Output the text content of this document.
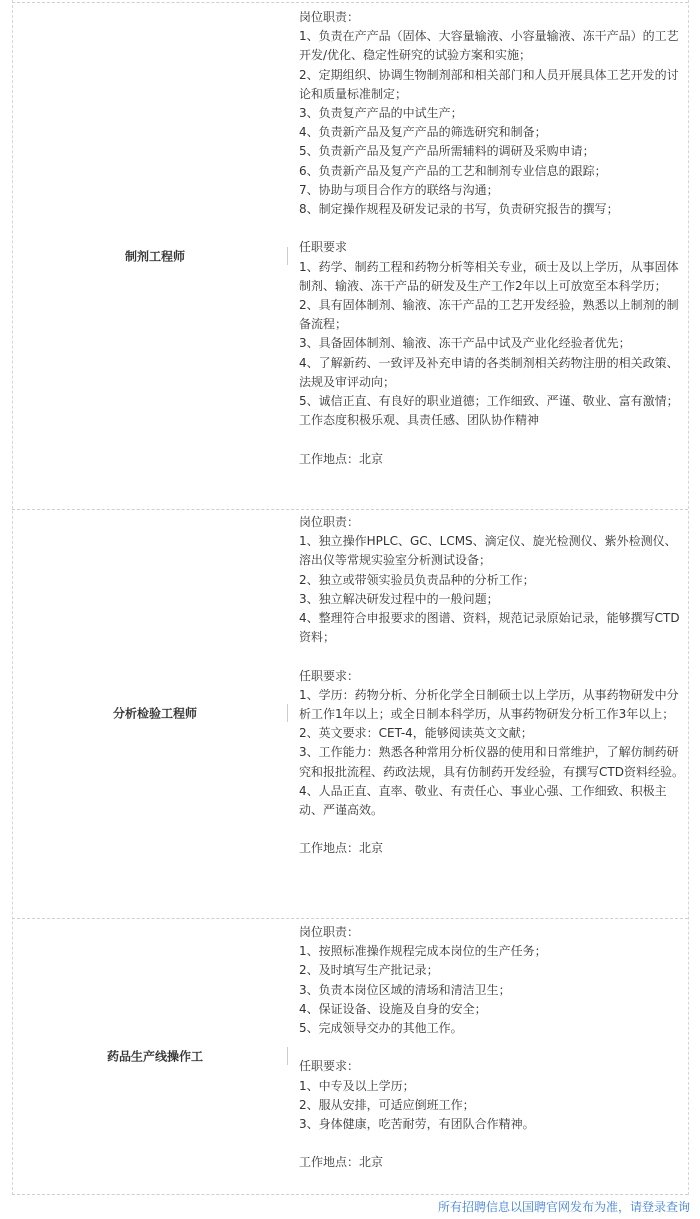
制剂工程师

岗位职责：

1、负责在产产品（固体、大容量输液、小容量输液、冻干产品）的工艺开发/优化、稳定性研究的试验方案和实施；

2、定期组织、协调生物制剂部和相关部门和人员开展具体工艺开发的讨论和质量标准制定；

3、负责复产产品的中试生产；

4、负责新产品及复产产品的筛选研究和制备；

5、负责新产品及复产产品所需辅料的调研及采购申请；

6、负责新产品及复产产品的工艺和制剂专业信息的跟踪；

7、协助与项目合作方的联络与沟通；

8、制定操作规程及研发记录的书写，负责研究报告的撰写；

任职要求

1、药学、制药工程和药物分析等相关专业，硕士及以上学历，从事固体制剂、输液、冻干产品的研发及生产工作2年以上可放宽至本科学历；

2、具有固体制剂、输液、冻干产品的工艺开发经验，熟悉以上制剂的制备流程；

3、具备固体制剂、输液、冻干产品中试及产业化经验者优先；

4、了解新药、一致评及补充申请的各类制剂相关药物注册的相关政策、法规及审评动向；

5、诚信正直、有良好的职业道德；工作细致、严谨、敬业、富有激情；工作态度积极乐观、具责任感、团队协作精神

工作地点：北京

分析检验工程师

岗位职责：

1、独立操作HPLC、GC、LCMS、滴定仪、旋光检测仪、紫外检测仪、溶出仪等常规实验室分析测试设备；

2、独立或带领实验员负责品种的分析工作；

3、独立解决研发过程中的一般问题；

4、整理符合申报要求的图谱、资料，规范记录原始记录，能够撰写CTD资料；

任职要求：

1、学历：药物分析、分析化学全日制硕士以上学历，从事药物研发中分析工作1年以上；或全日制本科学历，从事药物研发分析工作3年以上；

2、英文要求：CET-4，能够阅读英文文献；

3、工作能力：熟悉各种常用分析仪器的使用和日常维护，了解仿制药研究和报批流程、药政法规，具有仿制药开发经验，有撰写CTD资料经验。

4、人品正直、直率、敬业、有责任心、事业心强、工作细致、积极主动、严谨高效。

工作地点：北京

药品生产线操作工

岗位职责：

1、按照标准操作规程完成本岗位的生产任务；

2、及时填写生产批记录；

3、负责本岗位区域的清场和清洁卫生；

4、保证设备、设施及自身的安全；

5、完成领导交办的其他工作。

任职要求：

1、中专及以上学历；

2、服从安排，可适应倒班工作；

3、身体健康，吃苦耐劳，有团队合作精神。

工作地点：北京

所有招聘信息以国聘官网发布为准，请登录查询
